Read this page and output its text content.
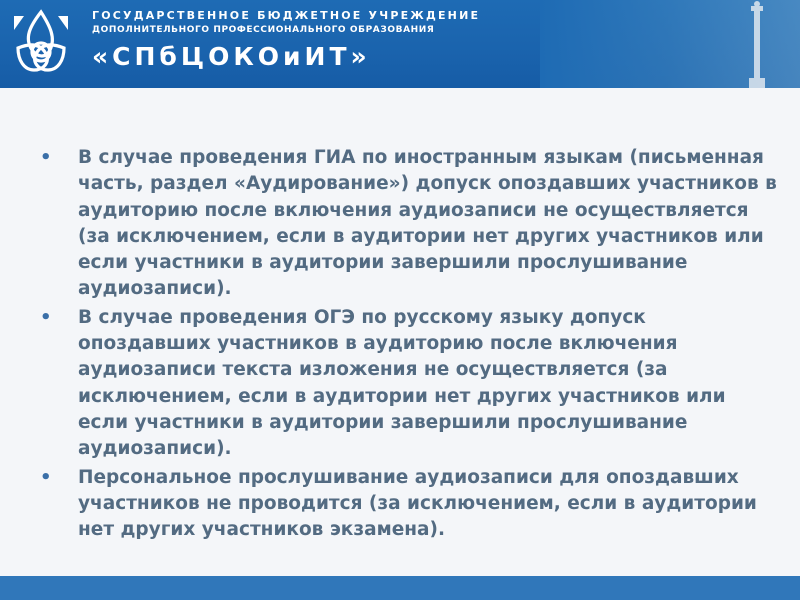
ГОСУДАРСТВЕННОЕ БЮДЖЕТНОЕ УЧРЕЖДЕНИЕ
ДОПОЛНИТЕЛЬНОГО ПРОФЕССИОНАЛЬНОГО ОБРАЗОВАНИЯ
«СПбЦОКОиИТ»
• В случае проведения ГИА по иностранным языкам (письменная часть, раздел «Аудирование») допуск опоздавших участников в аудиторию после включения аудиозаписи не осуществляется (за исключением, если в аудитории нет других участников или если участники в аудитории завершили прослушивание аудиозаписи).
• В случае проведения ОГЭ по русскому языку допуск опоздавших участников в аудиторию после включения аудиозаписи текста изложения не осуществляется (за исключением, если в аудитории нет других участников или если участники в аудитории завершили прослушивание аудиозаписи).
• Персональное прослушивание аудиозаписи для опоздавших участников не проводится (за исключением, если в аудитории нет других участников экзамена).
